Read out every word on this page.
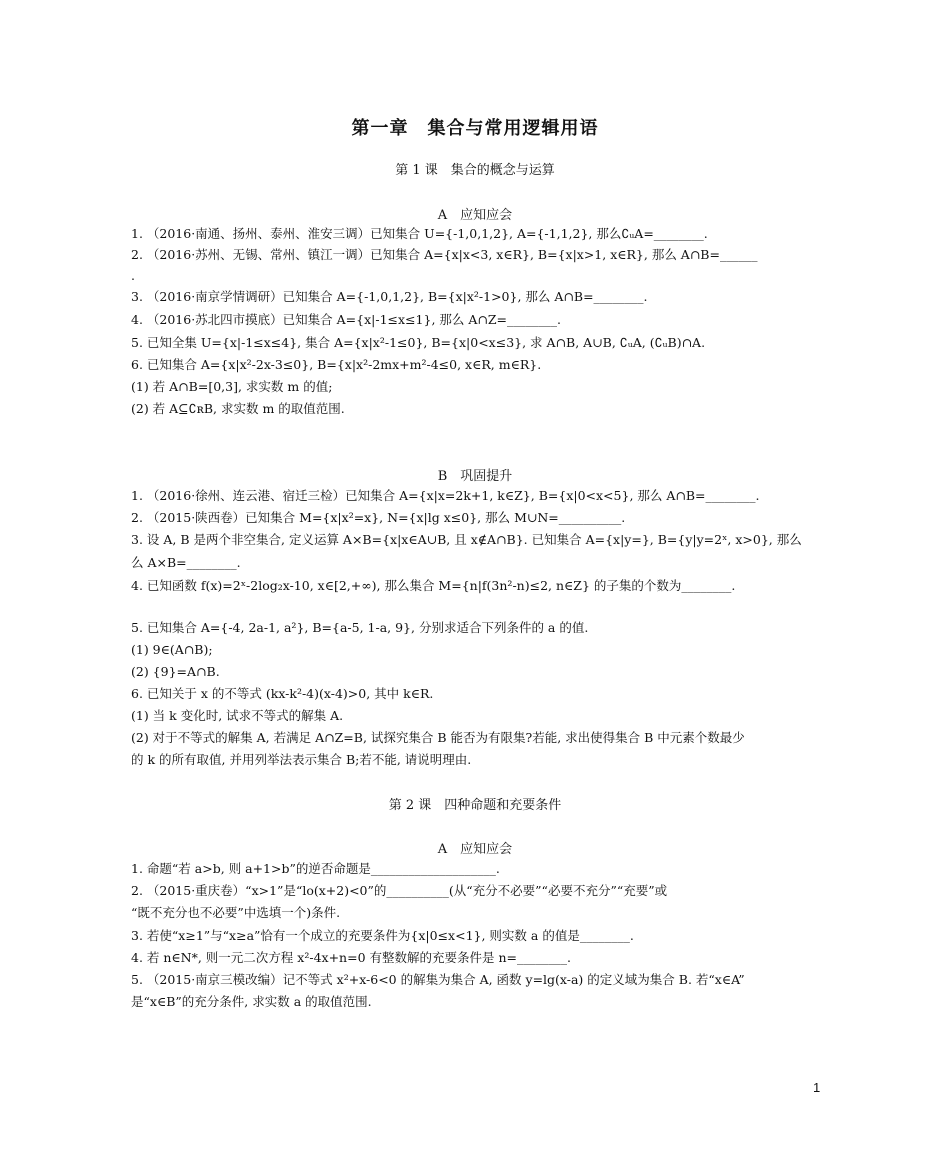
第一章　集合与常用逻辑用语
第 1 课　集合的概念与运算
A　应知应会
1. （2016·南通、扬州、泰州、淮安三调）已知集合 U={-1,0,1,2}, A={-1,1,2}, 那么∁ᵤA=________.
2. （2016·苏州、无锡、常州、镇江一调）已知集合 A={x|x<3, x∈R}, B={x|x>1, x∈R}, 那么 A∩B=______
.
3. （2016·南京学情调研）已知集合 A={-1,0,1,2}, B={x|x²-1>0}, 那么 A∩B=________.
4. （2016·苏北四市摸底）已知集合 A={x|-1≤x≤1}, 那么 A∩Z=________.
5. 已知全集 U={x|-1≤x≤4}, 集合 A={x|x²-1≤0}, B={x|0<x≤3}, 求 A∩B, A∪B, ∁ᵤA, (∁ᵤB)∩A.
6. 已知集合 A={x|x²-2x-3≤0}, B={x|x²-2mx+m²-4≤0, x∈R, m∈R}.
(1) 若 A∩B=[0,3], 求实数 m 的值;
(2) 若 A⊆∁ʀB, 求实数 m 的取值范围.
B　巩固提升
1. （2016·徐州、连云港、宿迁三检）已知集合 A={x|x=2k+1, k∈Z}, B={x|0<x<5}, 那么 A∩B=________.
2. （2015·陕西卷）已知集合 M={x|x²=x}, N={x|lg x≤0}, 那么 M∪N=__________.
3. 设 A, B 是两个非空集合, 定义运算 A×B={x|x∈A∪B, 且 x∉A∩B}. 已知集合 A={x|y=}, B={y|y=2ˣ, x>0}, 那么
么 A×B=________.
4. 已知函数 f(x)=2ˣ-2log₂x-10, x∈[2,+∞), 那么集合 M={n|f(3n²-n)≤2, n∈Z} 的子集的个数为________.
5. 已知集合 A={-4, 2a-1, a²}, B={a-5, 1-a, 9}, 分别求适合下列条件的 a 的值.
(1) 9∈(A∩B);
(2) {9}=A∩B.
6. 已知关于 x 的不等式 (kx-k²-4)(x-4)>0, 其中 k∈R.
(1) 当 k 变化时, 试求不等式的解集 A.
(2) 对于不等式的解集 A, 若满足 A∩Z=B, 试探究集合 B 能否为有限集?若能, 求出使得集合 B 中元素个数最少
的 k 的所有取值, 并用列举法表示集合 B;若不能, 请说明理由.
第 2 课　四种命题和充要条件
A　应知应会
1. 命题“若 a>b, 则 a+1>b”的逆否命题是____________________.
2. （2015·重庆卷）“x>1”是“lo(x+2)<0”的__________(从“充分不必要”“必要不充分”“充要”或
“既不充分也不必要”中选填一个)条件.
3. 若使“x≥1”与“x≥a”恰有一个成立的充要条件为{x|0≤x<1}, 则实数 a 的值是________.
4. 若 n∈N*, 则一元二次方程 x²-4x+n=0 有整数解的充要条件是 n=________.
5. （2015·南京三模改编）记不等式 x²+x-6<0 的解集为集合 A, 函数 y=lg(x-a) 的定义域为集合 B. 若“x∈A”
是“x∈B”的充分条件, 求实数 a 的取值范围.
1
